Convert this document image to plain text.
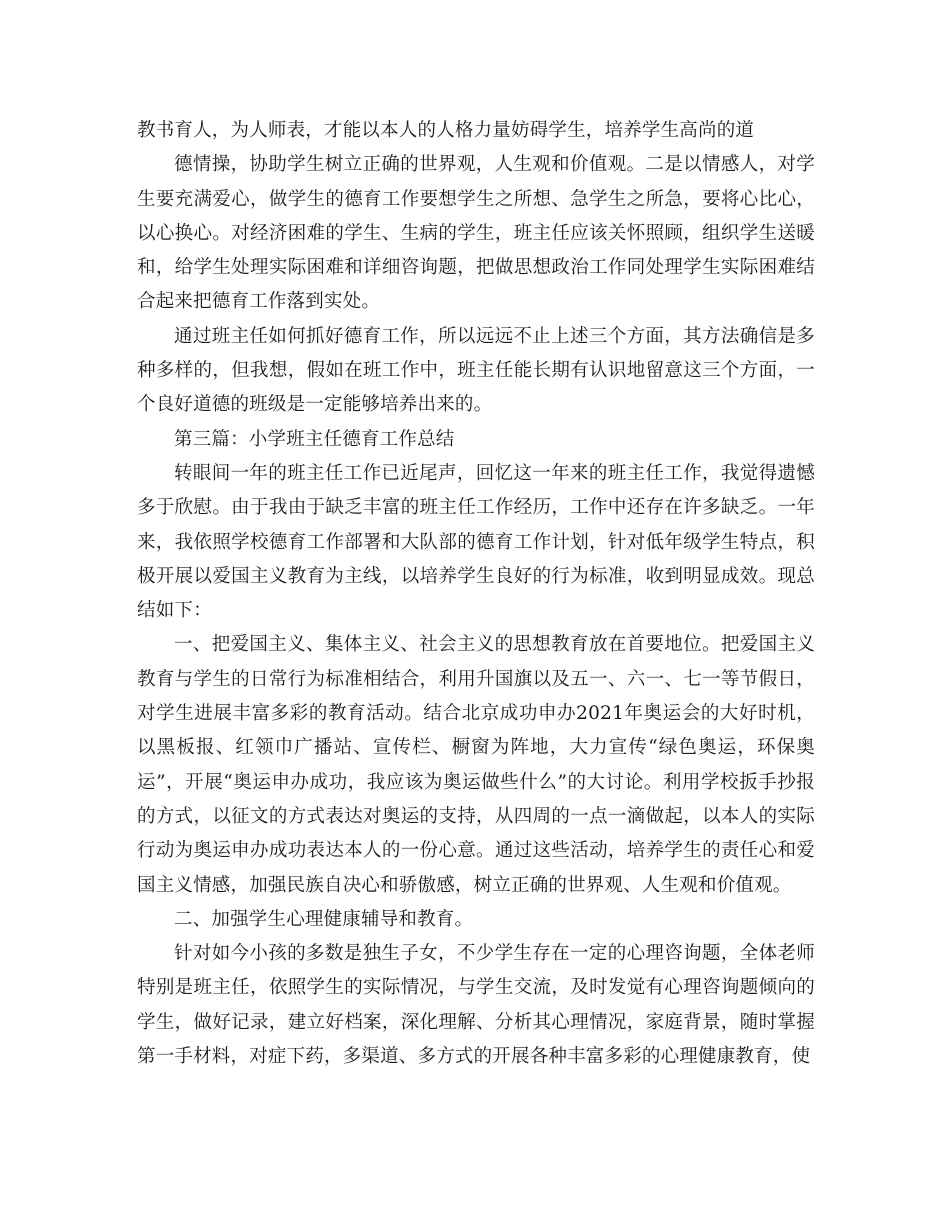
教书育人，为人师表，才能以本人的人格力量妨碍学生，培养学生高尚的道

德情操，协助学生树立正确的世界观，人生观和价值观。二是以情感人，对学生要充满爱心，做学生的德育工作要想学生之所想、急学生之所急，要将心比心，以心换心。对经济困难的学生、生病的学生，班主任应该关怀照顾，组织学生送暖和，给学生处理实际困难和详细咨询题，把做思想政治工作同处理学生实际困难结合起来把德育工作落到实处。

通过班主任如何抓好德育工作，所以远远不止上述三个方面，其方法确信是多种多样的，但我想，假如在班工作中，班主任能长期有认识地留意这三个方面，一个良好道德的班级是一定能够培养出来的。

第三篇：小学班主任德育工作总结

转眼间一年的班主任工作已近尾声，回忆这一年来的班主任工作，我觉得遗憾多于欣慰。由于我由于缺乏丰富的班主任工作经历，工作中还存在许多缺乏。一年来，我依照学校德育工作部署和大队部的德育工作计划，针对低年级学生特点，积极开展以爱国主义教育为主线，以培养学生良好的行为标准，收到明显成效。现总结如下：

一、把爱国主义、集体主义、社会主义的思想教育放在首要地位。把爱国主义教育与学生的日常行为标准相结合，利用升国旗以及五一、六一、七一等节假日，对学生进展丰富多彩的教育活动。结合北京成功申办2021年奥运会的大好时机，以黑板报、红领巾广播站、宣传栏、橱窗为阵地，大力宣传“绿色奥运，环保奥运”，开展“奥运申办成功，我应该为奥运做些什么”的大讨论。利用学校扳手抄报的方式，以征文的方式表达对奥运的支持，从四周的一点一滴做起，以本人的实际行动为奥运申办成功表达本人的一份心意。通过这些活动，培养学生的责任心和爱国主义情感，加强民族自决心和骄傲感，树立正确的世界观、人生观和价值观。

二、加强学生心理健康辅导和教育。

针对如今小孩的多数是独生子女，不少学生存在一定的心理咨询题，全体老师特别是班主任，依照学生的实际情况，与学生交流，及时发觉有心理咨询题倾向的学生，做好记录，建立好档案，深化理解、分析其心理情况，家庭背景，随时掌握第一手材料，对症下药，多渠道、多方式的开展各种丰富多彩的心理健康教育，使
